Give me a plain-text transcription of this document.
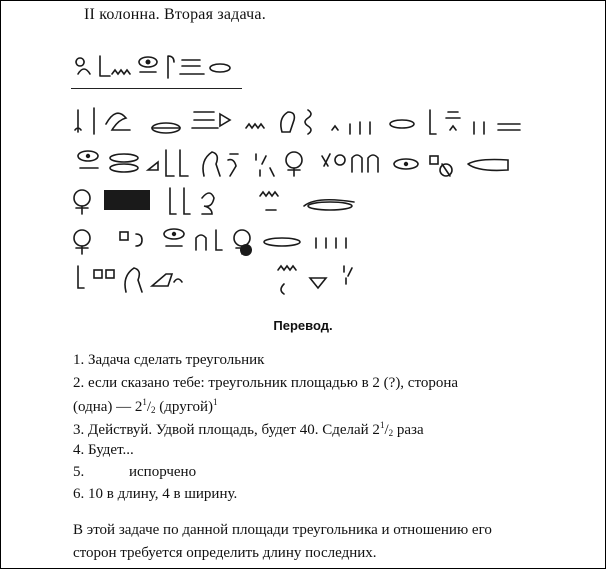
II колонна. Вторая задача.
Перевод.
1. Задача сделать треугольник
2. если сказано тебе: треугольник площадью в 2 (?), сторона
(одна) — $2^1/_2$ (другой)$^1$
3. Действуй. Удвой площадь, будет 40. Сделай $2^1/_2$ раза
4. Будет...
5.	испорчено
6. 10 в длину, 4 в ширину.
В этой задаче по данной площади треугольника и отношению его
сторон требуется определить длину последних.
